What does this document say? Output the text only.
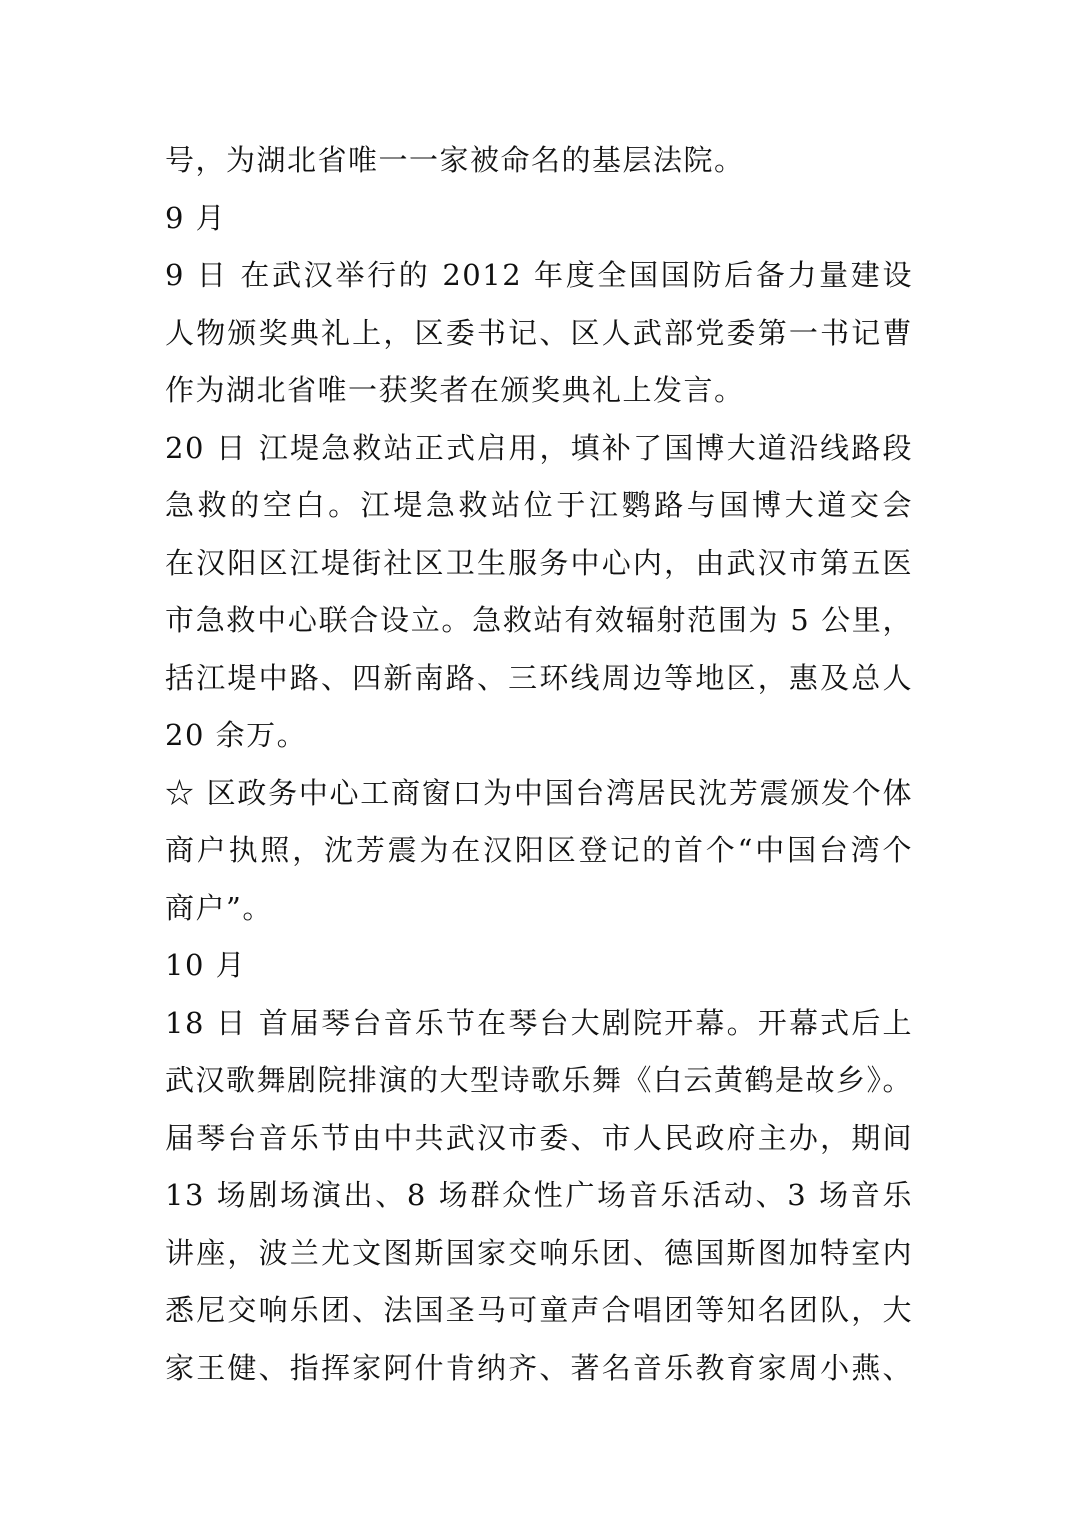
号，为湖北省唯一一家被命名的基层法院。
9 月
9 日 在武汉举行的 2012 年度全国国防后备力量建设
人物颁奖典礼上，区委书记、区人武部党委第一书记曹
作为湖北省唯一获奖者在颁奖典礼上发言。
20 日 江堤急救站正式启用，填补了国博大道沿线路段
急救的空白。江堤急救站位于江鹦路与国博大道交会
在汉阳区江堤街社区卫生服务中心内，由武汉市第五医
市急救中心联合设立。急救站有效辐射范围为 5 公里，
括江堤中路、四新南路、三环线周边等地区，惠及总人
20 余万。
☆ 区政务中心工商窗口为中国台湾居民沈芳震颁发个体
商户执照，沈芳震为在汉阳区登记的首个“中国台湾个
商户”。
10 月
18 日 首届琴台音乐节在琴台大剧院开幕。开幕式后上
武汉歌舞剧院排演的大型诗歌乐舞《白云黄鹤是故乡》。
届琴台音乐节由中共武汉市委、市人民政府主办，期间
13 场剧场演出、8 场群众性广场音乐活动、3 场音乐
讲座，波兰尤文图斯国家交响乐团、德国斯图加特室内
悉尼交响乐团、法国圣马可童声合唱团等知名团队，大
家王健、指挥家阿什肯纳齐、著名音乐教育家周小燕、
